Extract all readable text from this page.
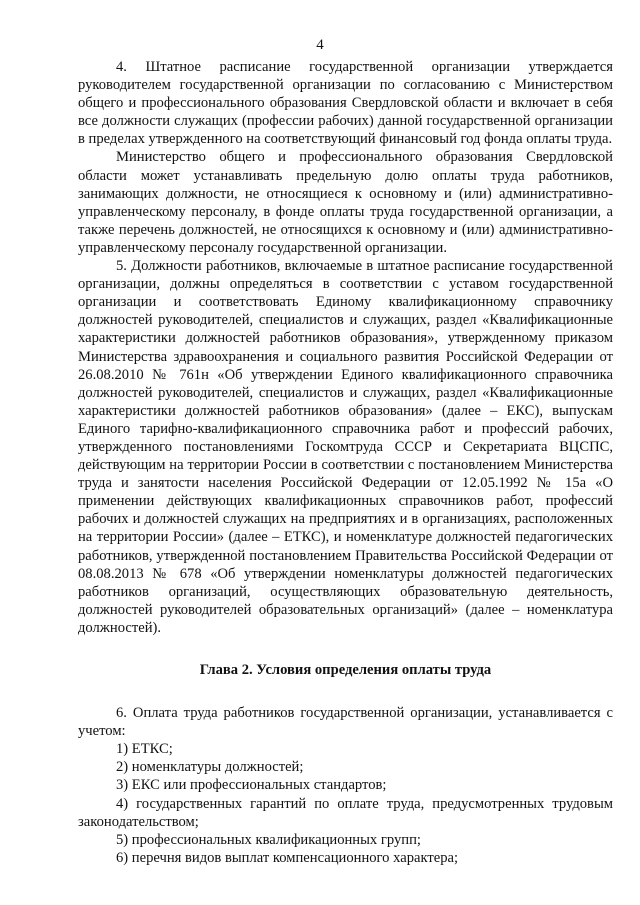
4

4. Штатное расписание государственной организации утверждается руководителем государственной организации по согласованию с Министерством общего и профессионального образования Свердловской области и включает в себя все должности служащих (профессии рабочих) данной государственной организации в пределах утвержденного на соответствующий финансовый год фонда оплаты труда.

Министерство общего и профессионального образования Свердловской области может устанавливать предельную долю оплаты труда работников, занимающих должности, не относящиеся к основному и (или) административно-управленческому персоналу, в фонде оплаты труда государственной организации, а также перечень должностей, не относящихся к основному и (или) административно-управленческому персоналу государственной организации.

5. Должности работников, включаемые в штатное расписание государственной организации, должны определяться в соответствии с уставом государственной организации и соответствовать Единому квалификационному справочнику должностей руководителей, специалистов и служащих, раздел «Квалификационные характеристики должностей работников образования», утвержденному приказом Министерства здравоохранения и социального развития Российской Федерации от 26.08.2010 № 761н «Об утверждении Единого квалификационного справочника должностей руководителей, специалистов и служащих, раздел «Квалификационные характеристики должностей работников образования» (далее – ЕКС), выпускам Единого тарифно-квалификационного справочника работ и профессий рабочих, утвержденного постановлениями Госкомтруда СССР и Секретариата ВЦСПС, действующим на территории России в соответствии с постановлением Министерства труда и занятости населения Российской Федерации от 12.05.1992 № 15а «О применении действующих квалификационных справочников работ, профессий рабочих и должностей служащих на предприятиях и в организациях, расположенных на территории России» (далее – ЕТКС), и номенклатуре должностей педагогических работников, утвержденной постановлением Правительства Российской Федерации от 08.08.2013 № 678 «Об утверждении номенклатуры должностей педагогических работников организаций, осуществляющих образовательную деятельность, должностей руководителей образовательных организаций» (далее – номенклатура должностей).

Глава 2. Условия определения оплаты труда

6. Оплата труда работников государственной организации, устанавливается с учетом:

1) ЕТКС;

2) номенклатуры должностей;

3) ЕКС или профессиональных стандартов;

4) государственных гарантий по оплате труда, предусмотренных трудовым законодательством;

5) профессиональных квалификационных групп;

6) перечня видов выплат компенсационного характера;
